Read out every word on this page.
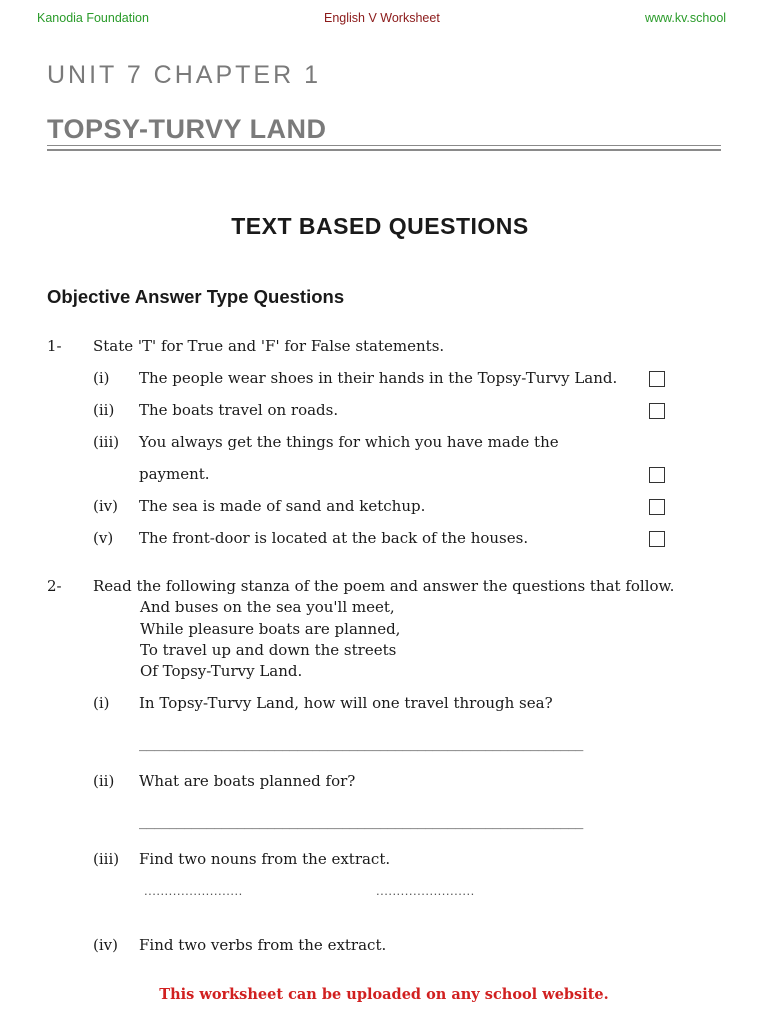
Kanodia Foundation	English V Worksheet	www.kv.school
UNIT 7 CHAPTER 1
TOPSY-TURVY LAND
TEXT BASED QUESTIONS
Objective Answer Type Questions
1- State 'T' for True and 'F' for False statements.
(i) The people wear shoes in their hands in the Topsy-Turvy Land.
(ii) The boats travel on roads.
(iii) You always get the things for which you have made the
payment.
(iv) The sea is made of sand and ketchup.
(v) The front-door is located at the back of the houses.
2- Read the following stanza of the poem and answer the questions that follow.
And buses on the sea you'll meet,
While pleasure boats are planned,
To travel up and down the streets
Of Topsy-Turvy Land.
(i) In Topsy-Turvy Land, how will one travel through sea?
___________________________________________________________
(ii) What are boats planned for?
___________________________________________________________
(iii) Find two nouns from the extract.
........................	........................
(iv) Find two verbs from the extract.
This worksheet can be uploaded on any school website.
